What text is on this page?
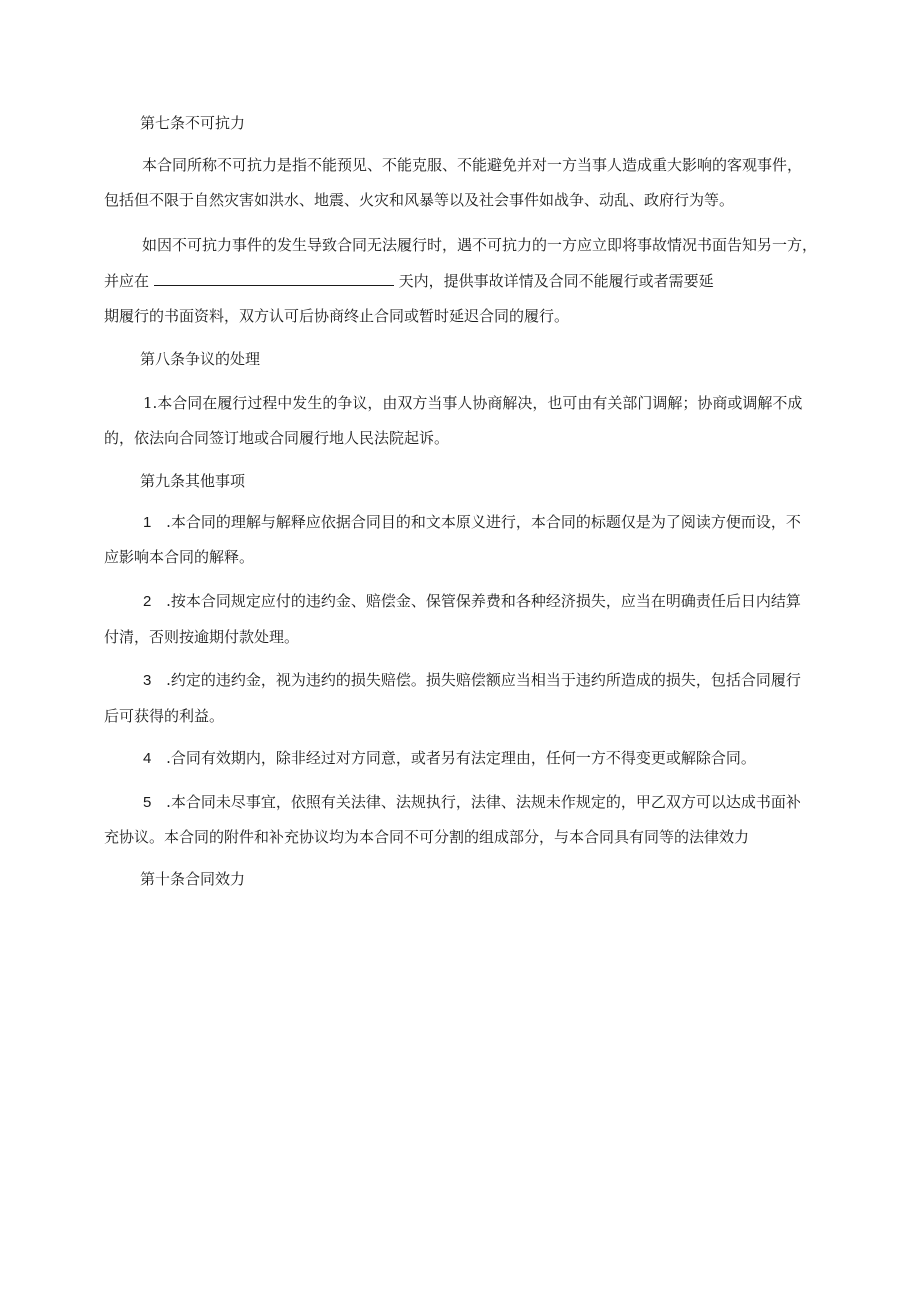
第七条不可抗力
本合同所称不可抗力是指不能预见、不能克服、不能避免并对一方当事人造成重大影响的客观事件，
包括但不限于自然灾害如洪水、地震、火灾和风暴等以及社会事件如战争、动乱、政府行为等。
如因不可抗力事件的发生导致合同无法履行时，遇不可抗力的一方应立即将事故情况书面告知另一方，
并应在	天内，提供事故详情及合同不能履行或者需要延
期履行的书面资料，双方认可后协商终止合同或暂时延迟合同的履行。
第八条争议的处理
1.本合同在履行过程中发生的争议，由双方当事人协商解决，也可由有关部门调解；协商或调解不成
的，依法向合同签订地或合同履行地人民法院起诉。
第九条其他事项
1 .本合同的理解与解释应依据合同目的和文本原义进行，本合同的标题仅是为了阅读方便而设，不
应影响本合同的解释。
2 .按本合同规定应付的违约金、赔偿金、保管保养费和各种经济损失，应当在明确责任后日内结算
付清，否则按逾期付款处理。
3 .约定的违约金，视为违约的损失赔偿。损失赔偿额应当相当于违约所造成的损失，包括合同履行
后可获得的利益。
4 .合同有效期内，除非经过对方同意，或者另有法定理由，任何一方不得变更或解除合同。
5 .本合同未尽事宜，依照有关法律、法规执行，法律、法规未作规定的，甲乙双方可以达成书面补
充协议。本合同的附件和补充协议均为本合同不可分割的组成部分，与本合同具有同等的法律效力
第十条合同效力
